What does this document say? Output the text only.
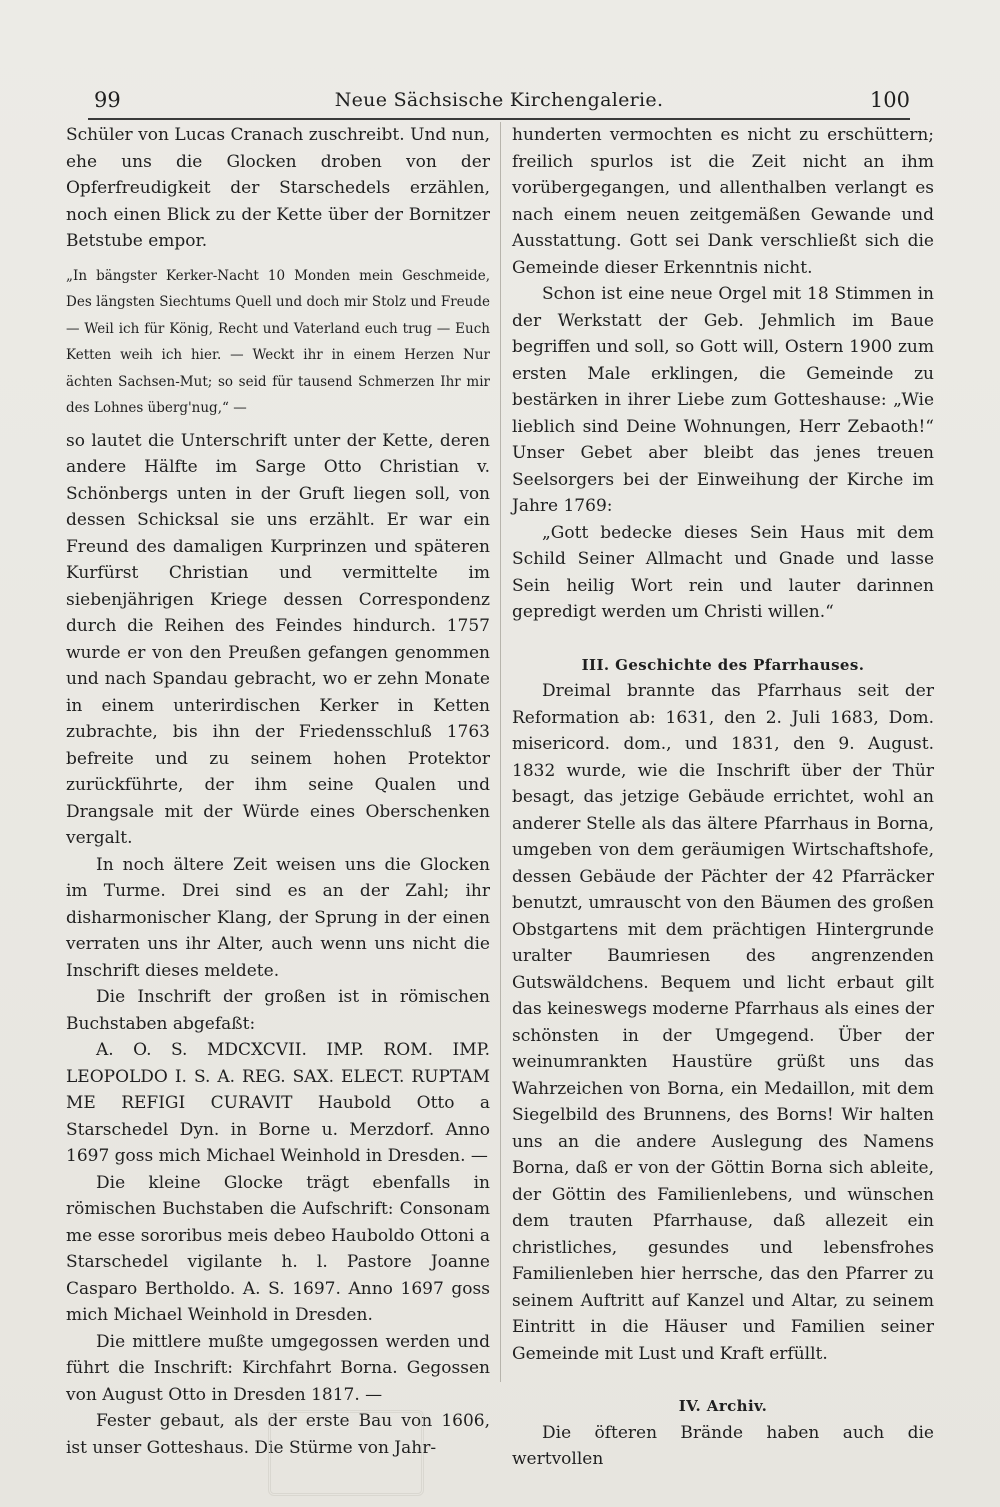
99	Neue Sächsische Kirchengalerie.	100

Schüler von Lucas Cranach zuschreibt. Und nun, ehe uns die Glocken droben von der Opferfreudigkeit der Starschedels erzählen, noch einen Blick zu der Kette über der Bornitzer Betstube empor.

„In bängster Kerker-Nacht 10 Monden mein Geschmeide, Des längsten Siechtums Quell und doch mir Stolz und Freude — Weil ich für König, Recht und Vaterland euch trug — Euch Ketten weih ich hier. — Weckt ihr in einem Herzen Nur ächten Sachsen-Mut; so seid für tausend Schmerzen Ihr mir des Lohnes überg'nug,“ —

so lautet die Unterschrift unter der Kette, deren andere Hälfte im Sarge Otto Christian v. Schönbergs unten in der Gruft liegen soll, von dessen Schicksal sie uns erzählt. Er war ein Freund des damaligen Kurprinzen und späteren Kurfürst Christian und vermittelte im siebenjährigen Kriege dessen Correspondenz durch die Reihen des Feindes hindurch. 1757 wurde er von den Preußen gefangen genommen und nach Spandau gebracht, wo er zehn Monate in einem unterirdischen Kerker in Ketten zubrachte, bis ihn der Friedensschluß 1763 befreite und zu seinem hohen Protektor zurückführte, der ihm seine Qualen und Drangsale mit der Würde eines Oberschenken vergalt.

In noch ältere Zeit weisen uns die Glocken im Turme. Drei sind es an der Zahl; ihr disharmonischer Klang, der Sprung in der einen verraten uns ihr Alter, auch wenn uns nicht die Inschrift dieses meldete.

Die Inschrift der großen ist in römischen Buchstaben abgefaßt:

A. O. S. MDCXCVII. IMP. ROM. IMP. LEOPOLDO I. S. A. REG. SAX. ELECT. RUPTAM ME REFIGI CURAVIT Haubold Otto a Starschedel Dyn. in Borne u. Merzdorf. Anno 1697 goss mich Michael Weinhold in Dresden. —

Die kleine Glocke trägt ebenfalls in römischen Buchstaben die Aufschrift: Consonam me esse sororibus meis debeo Hauboldo Ottoni a Starschedel vigilante h. l. Pastore Joanne Casparo Bertholdo. A. S. 1697. Anno 1697 goss mich Michael Weinhold in Dresden.

Die mittlere mußte umgegossen werden und führt die Inschrift: Kirchfahrt Borna. Gegossen von August Otto in Dresden 1817. —

Fester gebaut, als der erste Bau von 1606, ist unser Gotteshaus. Die Stürme von Jahr-

hunderten vermochten es nicht zu erschüttern; freilich spurlos ist die Zeit nicht an ihm vorübergegangen, und allenthalben verlangt es nach einem neuen zeitgemäßen Gewande und Ausstattung. Gott sei Dank verschließt sich die Gemeinde dieser Erkenntnis nicht.

Schon ist eine neue Orgel mit 18 Stimmen in der Werkstatt der Geb. Jehmlich im Baue begriffen und soll, so Gott will, Ostern 1900 zum ersten Male erklingen, die Gemeinde zu bestärken in ihrer Liebe zum Gotteshause: „Wie lieblich sind Deine Wohnungen, Herr Zebaoth!“ Unser Gebet aber bleibt das jenes treuen Seelsorgers bei der Einweihung der Kirche im Jahre 1769:

„Gott bedecke dieses Sein Haus mit dem Schild Seiner Allmacht und Gnade und lasse Sein heilig Wort rein und lauter darinnen gepredigt werden um Christi willen.“

III. Geschichte des Pfarrhauses.

Dreimal brannte das Pfarrhaus seit der Reformation ab: 1631, den 2. Juli 1683, Dom. misericord. dom., und 1831, den 9. August. 1832 wurde, wie die Inschrift über der Thür besagt, das jetzige Gebäude errichtet, wohl an anderer Stelle als das ältere Pfarrhaus in Borna, umgeben von dem geräumigen Wirtschaftshofe, dessen Gebäude der Pächter der 42 Pfarräcker benutzt, umrauscht von den Bäumen des großen Obstgartens mit dem prächtigen Hintergrunde uralter Baumriesen des angrenzenden Gutswäldchens. Bequem und licht erbaut gilt das keineswegs moderne Pfarrhaus als eines der schönsten in der Umgegend. Über der weinumrankten Haustüre grüßt uns das Wahrzeichen von Borna, ein Medaillon, mit dem Siegelbild des Brunnens, des Borns! Wir halten uns an die andere Auslegung des Namens Borna, daß er von der Göttin Borna sich ableite, der Göttin des Familienlebens, und wünschen dem trauten Pfarrhause, daß allezeit ein christliches, gesundes und lebensfrohes Familienleben hier herrsche, das den Pfarrer zu seinem Auftritt auf Kanzel und Altar, zu seinem Eintritt in die Häuser und Familien seiner Gemeinde mit Lust und Kraft erfüllt.

IV. Archiv.

Die öfteren Brände haben auch die wertvollen
